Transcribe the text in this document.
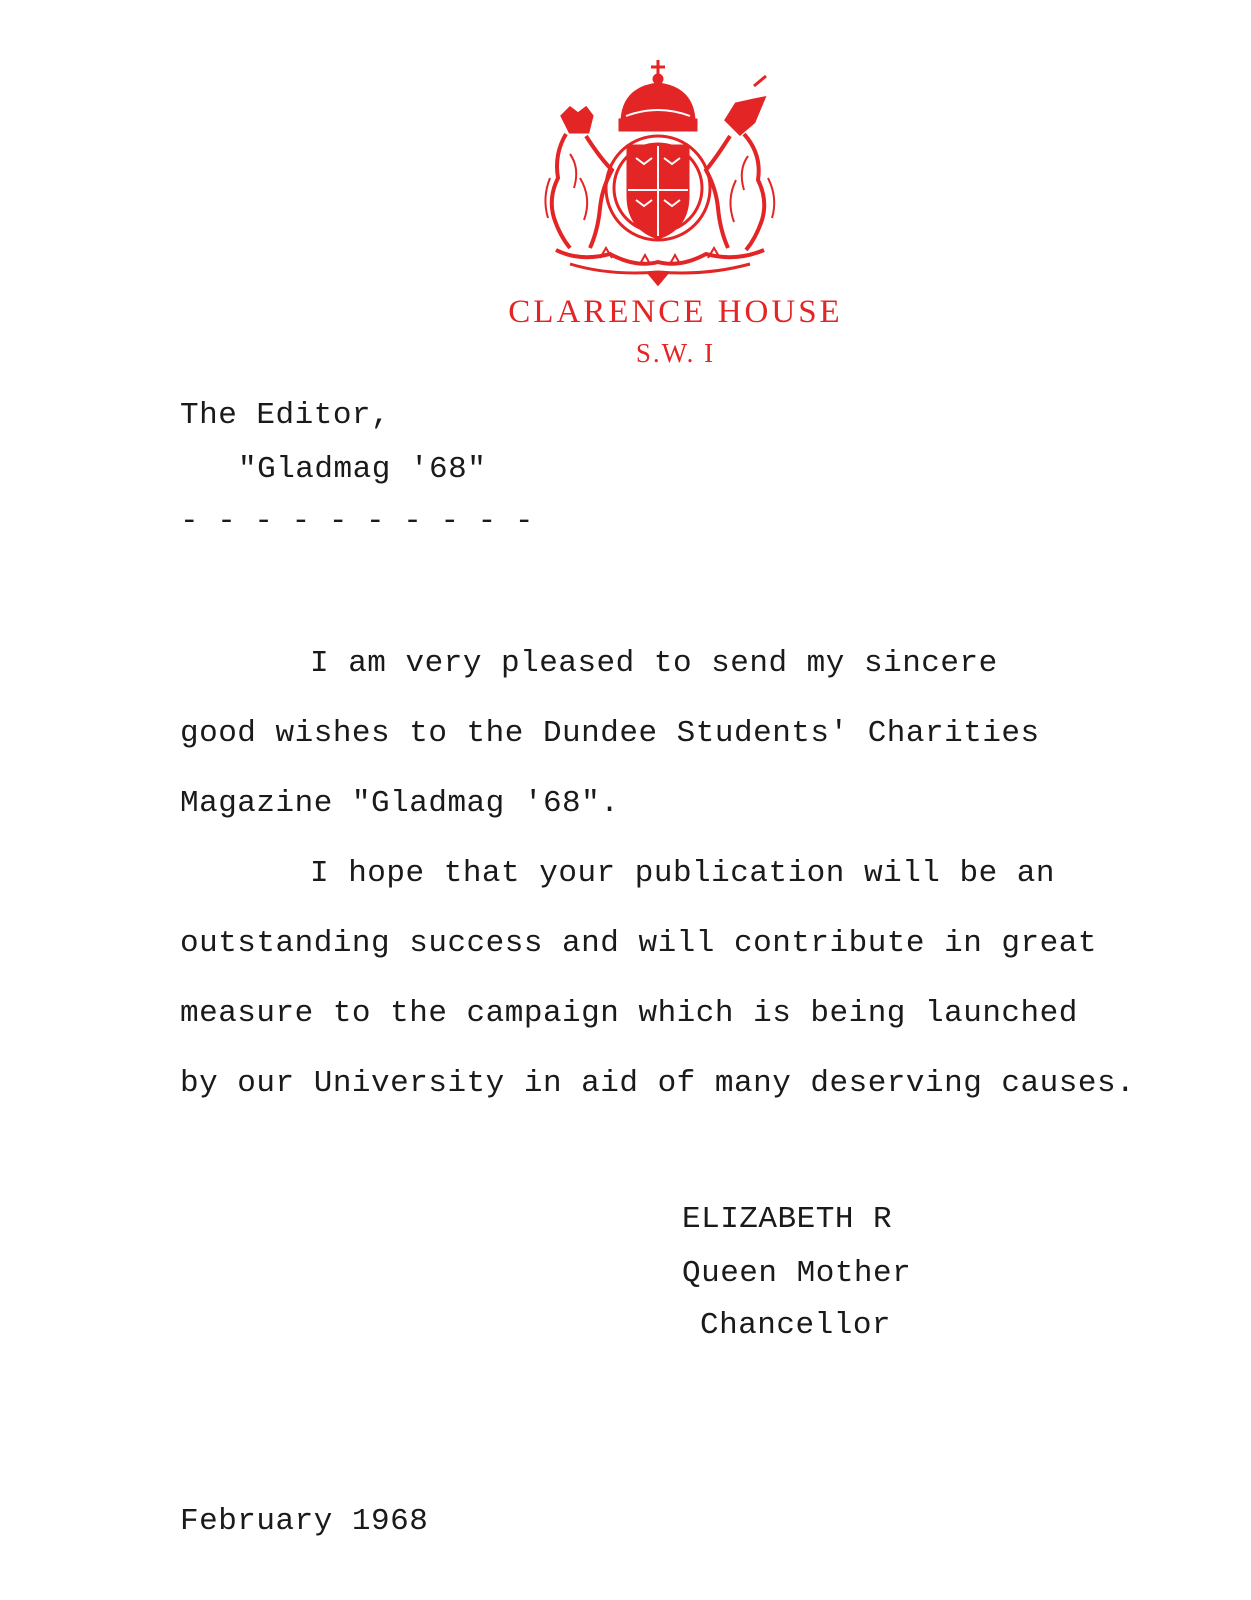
CLARENCE HOUSE
S.W. I
The Editor,
"Gladmag '68"
- - - - - - - - - -
I am very pleased to send my sincere
good wishes to the Dundee Students' Charities
Magazine "Gladmag '68".
I hope that your publication will be an
outstanding success and will contribute in great
measure to the campaign which is being launched
by our University in aid of many deserving causes.
ELIZABETH R
Queen Mother
Chancellor
February 1968
